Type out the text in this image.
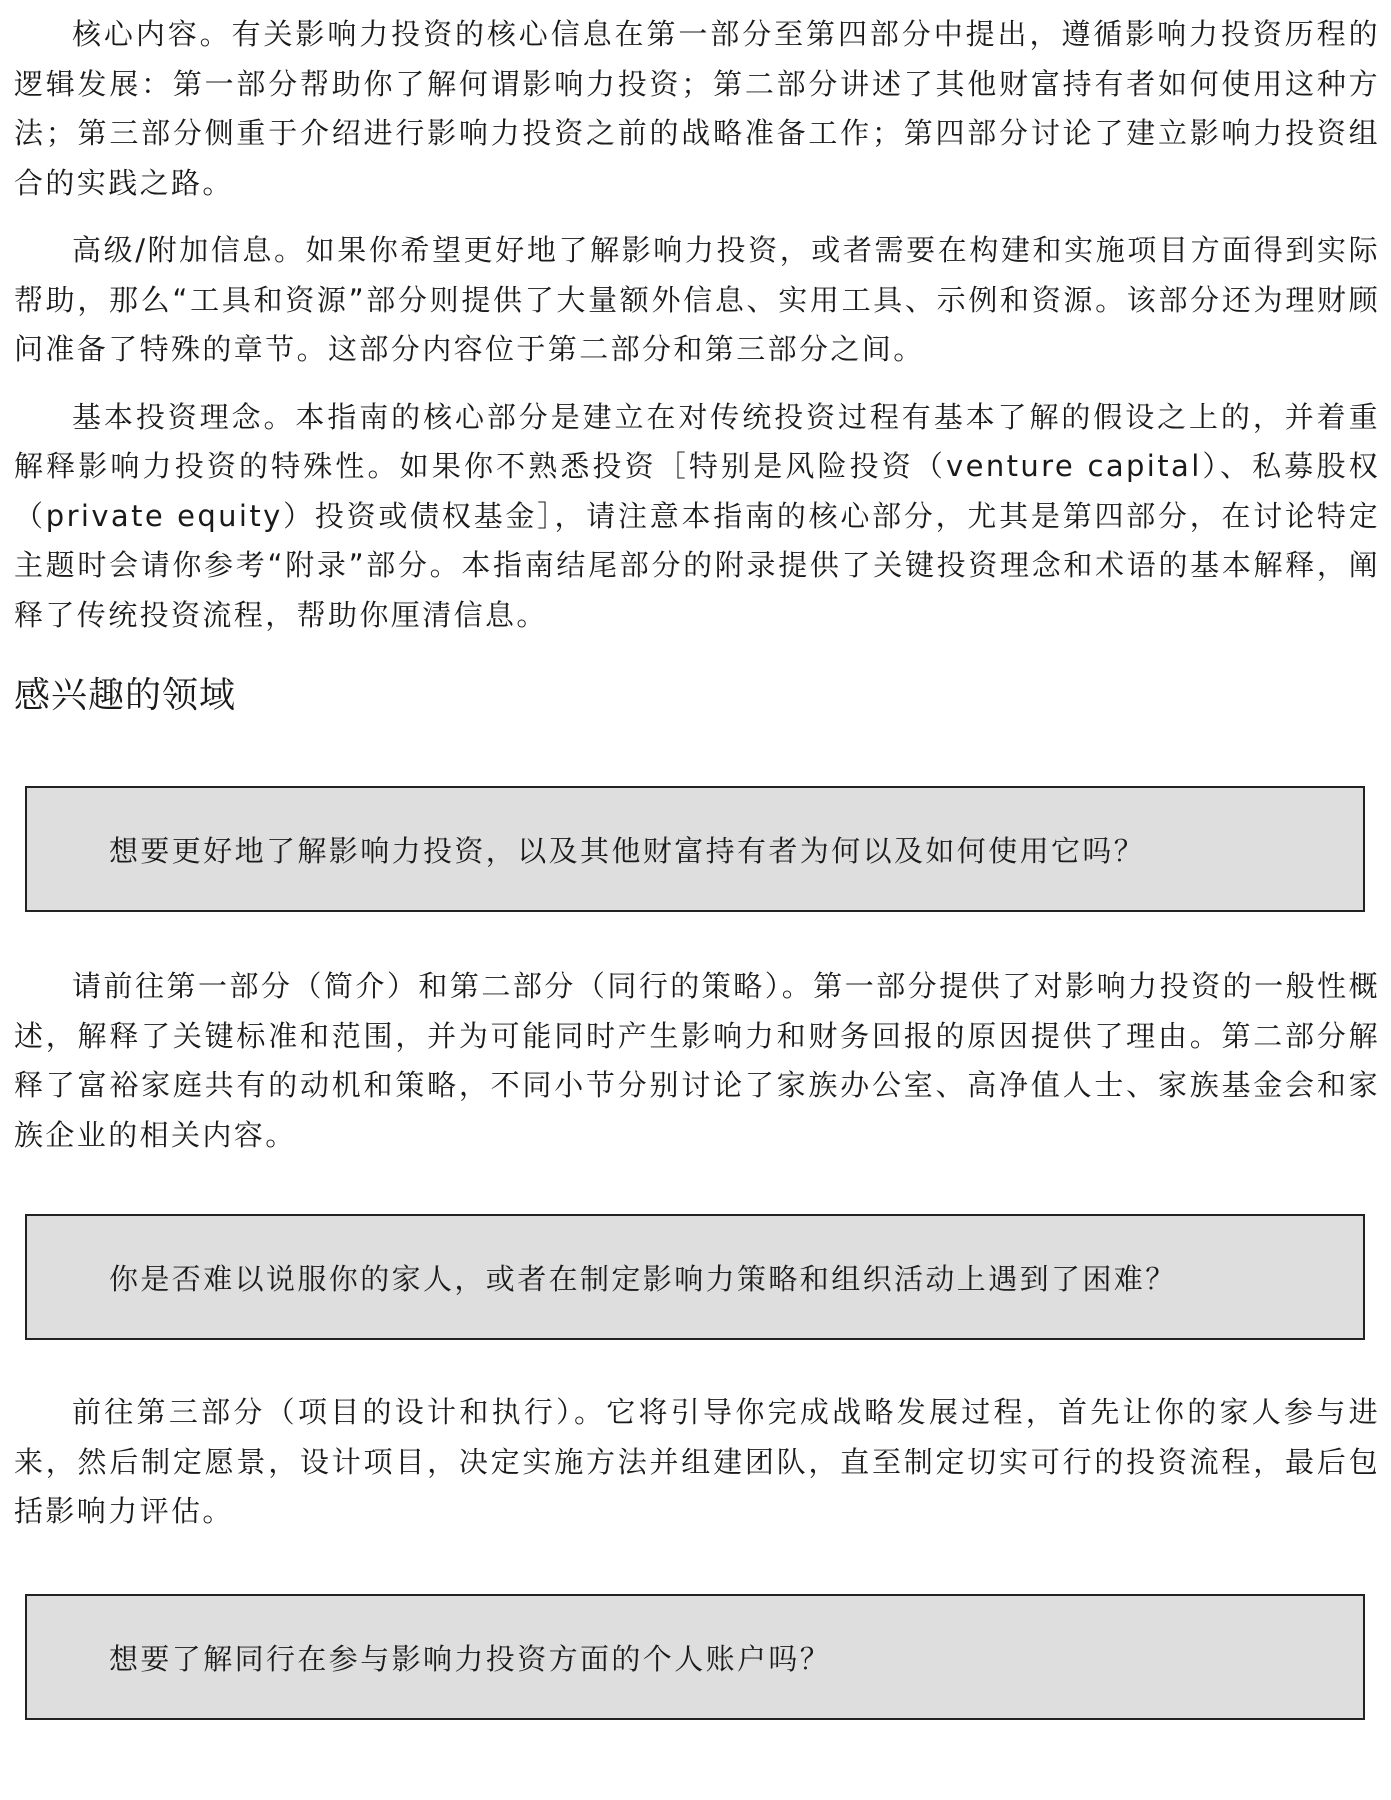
核心内容。有关影响力投资的核心信息在第一部分至第四部分中提出，遵循影响力投资历程的逻辑发展：第一部分帮助你了解何谓影响力投资；第二部分讲述了其他财富持有者如何使用这种方法；第三部分侧重于介绍进行影响力投资之前的战略准备工作；第四部分讨论了建立影响力投资组合的实践之路。

高级/附加信息。如果你希望更好地了解影响力投资，或者需要在构建和实施项目方面得到实际帮助，那么“工具和资源”部分则提供了大量额外信息、实用工具、示例和资源。该部分还为理财顾问准备了特殊的章节。这部分内容位于第二部分和第三部分之间。

基本投资理念。本指南的核心部分是建立在对传统投资过程有基本了解的假设之上的，并着重解释影响力投资的特殊性。如果你不熟悉投资［特别是风险投资（venture capital）、私募股权（private equity）投资或债权基金］，请注意本指南的核心部分，尤其是第四部分，在讨论特定主题时会请你参考“附录”部分。本指南结尾部分的附录提供了关键投资理念和术语的基本解释，阐释了传统投资流程，帮助你厘清信息。

感兴趣的领域
想要更好地了解影响力投资，以及其他财富持有者为何以及如何使用它吗？

请前往第一部分（简介）和第二部分（同行的策略）。第一部分提供了对影响力投资的一般性概述，解释了关键标准和范围，并为可能同时产生影响力和财务回报的原因提供了理由。第二部分解释了富裕家庭共有的动机和策略，不同小节分别讨论了家族办公室、高净值人士、家族基金会和家族企业的相关内容。

你是否难以说服你的家人，或者在制定影响力策略和组织活动上遇到了困难？

前往第三部分（项目的设计和执行）。它将引导你完成战略发展过程，首先让你的家人参与进来，然后制定愿景，设计项目，决定实施方法并组建团队，直至制定切实可行的投资流程，最后包括影响力评估。

想要了解同行在参与影响力投资方面的个人账户吗？
